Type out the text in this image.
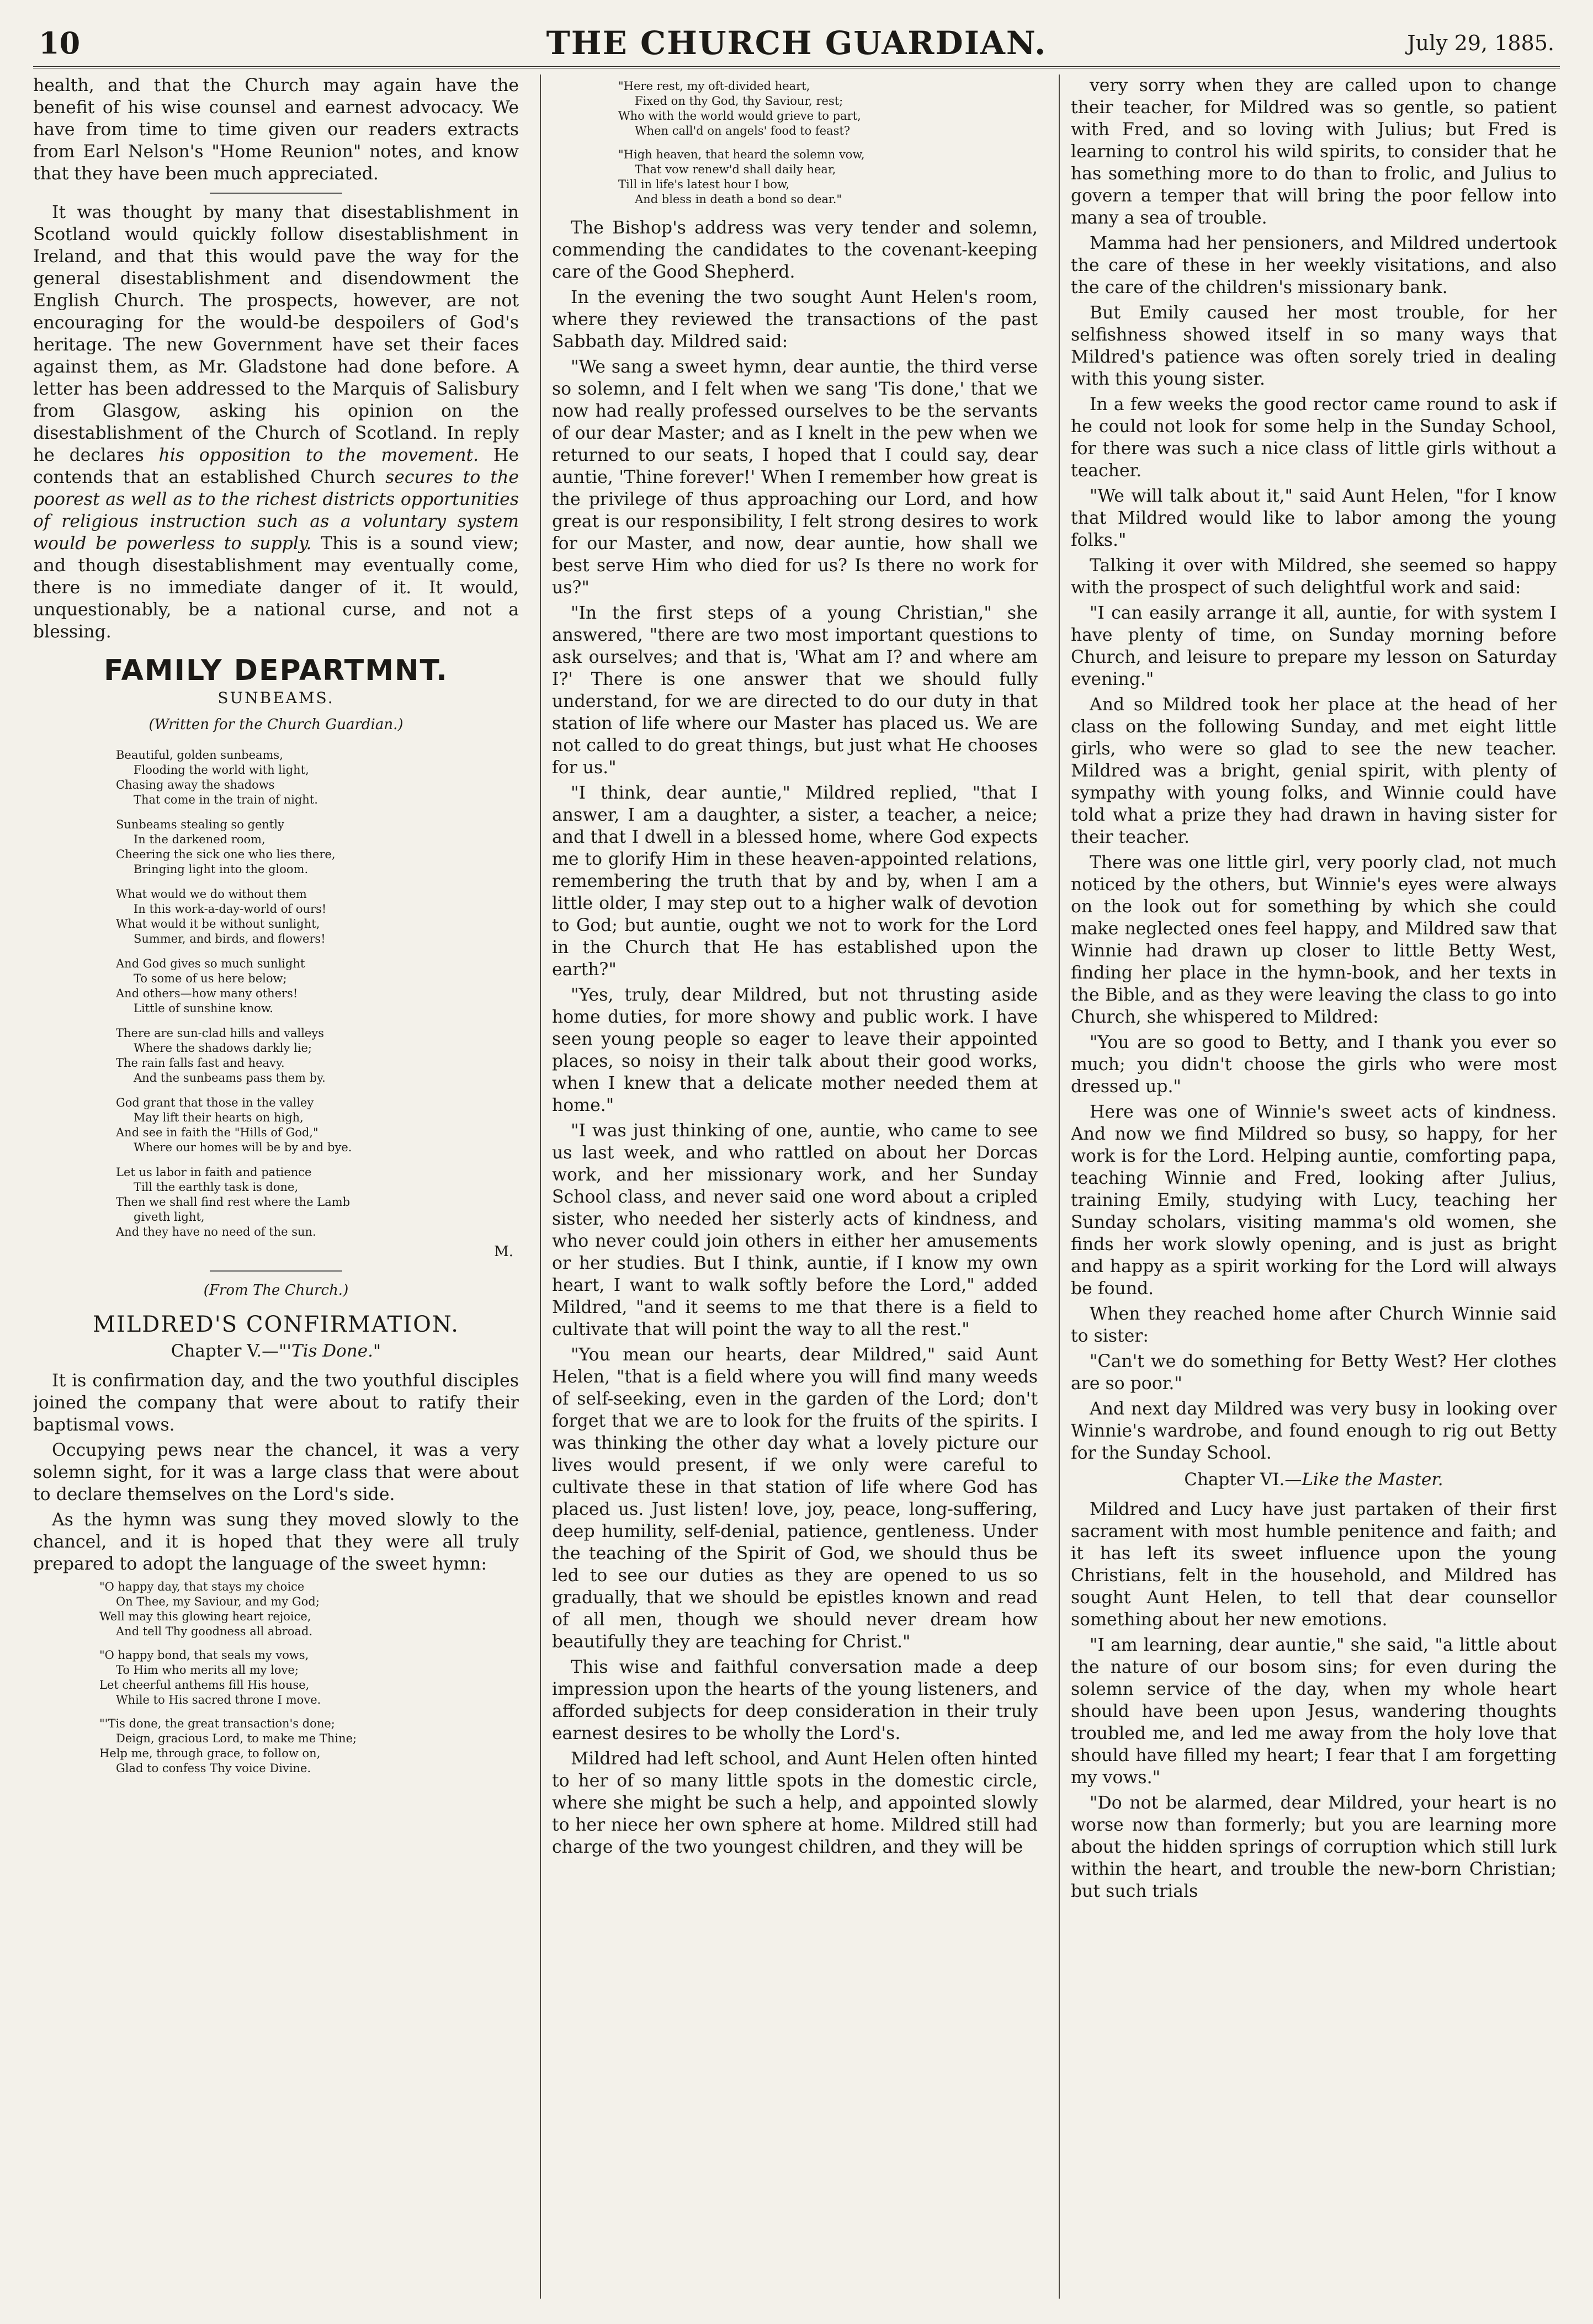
10	THE CHURCH GUARDIAN.	July 29, 1885.

health, and that the Church may again have the benefit of his wise counsel and earnest advocacy. We have from time to time given our readers extracts from Earl Nelson's "Home Reunion" notes, and know that they have been much appreciated.

It was thought by many that disestablishment in Scotland would quickly follow disestablishment in Ireland, and that this would pave the way for the general disestablishment and disendowment the English Church. The prospects, however, are not encouraging for the would-be despoilers of God's heritage. The new Government have set their faces against them, as Mr. Gladstone had done before. A letter has been addressed to the Marquis of Salisbury from Glasgow, asking his opinion on the disestablishment of the Church of Scotland. In reply he declares his opposition to the movement. He contends that an established Church secures to the poorest as well as to the richest districts opportunities of religious instruction such as a voluntary system would be powerless to supply. This is a sound view; and though disestablishment may eventually come, there is no immediate danger of it. It would, unquestionably, be a national curse, and not a blessing.

FAMILY DEPARTMNT.
SUNBEAMS.
(Written for the Church Guardian.)
Beautiful, golden sunbeams,
Flooding the world with light,
Chasing away the shadows
That come in the train of night.
Sunbeams stealing so gently
In the darkened room,
Cheering the sick one who lies there,
Bringing light into the gloom.
What would we do without them
In this work-a-day-world of ours!
What would it be without sunlight,
Summer, and birds, and flowers!
And God gives so much sunlight
To some of us here below;
And others—how many others!
Little of sunshine know.
There are sun-clad hills and valleys
Where the shadows darkly lie;
The rain falls fast and heavy.
And the sunbeams pass them by.
God grant that those in the valley
May lift their hearts on high,
And see in faith the "Hills of God,"
Where our homes will be by and bye.
Let us labor in faith and patience
Till the earthly task is done,
Then we shall find rest where the Lamb
giveth light,
And they have no need of the sun.
M.
(From The Church.)
MILDRED'S CONFIRMATION.
Chapter V.—"'Tis Done."

It is confirmation day, and the two youthful disciples joined the company that were about to ratify their baptismal vows.

Occupying pews near the chancel, it was a very solemn sight, for it was a large class that were about to declare themselves on the Lord's side.

As the hymn was sung they moved slowly to the chancel, and it is hoped that they were all truly prepared to adopt the language of the sweet hymn:

"O happy day, that stays my choice
On Thee, my Saviour, and my God;
Well may this glowing heart rejoice,
And tell Thy goodness all abroad.
"O happy bond, that seals my vows,
To Him who merits all my love;
Let cheerful anthems fill His house,
While to His sacred throne I move.
"'Tis done, the great transaction's done;
Deign, gracious Lord, to make me Thine;
Help me, through grace, to follow on,
Glad to confess Thy voice Divine.
"Here rest, my oft-divided heart,
Fixed on thy God, thy Saviour, rest;
Who with the world would grieve to part,
When call'd on angels' food to feast?
"High heaven, that heard the solemn vow,
That vow renew'd shall daily hear,
Till in life's latest hour I bow,
And bless in death a bond so dear."

The Bishop's address was very tender and solemn, commending the candidates to the covenant-keeping care of the Good Shepherd.

In the evening the two sought Aunt Helen's room, where they reviewed the transactions of the past Sabbath day. Mildred said:

"We sang a sweet hymn, dear auntie, the third verse so solemn, and I felt when we sang 'Tis done,' that we now had really professed ourselves to be the servants of our dear Master; and as I knelt in the pew when we returned to our seats, I hoped that I could say, dear auntie, 'Thine forever!' When I remember how great is the privilege of thus approaching our Lord, and how great is our responsibility, I felt strong desires to work for our Master, and now, dear auntie, how shall we best serve Him who died for us? Is there no work for us?"

"In the first steps of a young Christian," she answered, "there are two most important questions to ask ourselves; and that is, 'What am I? and where am I?' There is one answer that we should fully understand, for we are directed to do our duty in that station of life where our Master has placed us. We are not called to do great things, but just what He chooses for us."

"I think, dear auntie," Mildred replied, "that I answer, I am a daughter, a sister, a teacher, a neice; and that I dwell in a blessed home, where God expects me to glorify Him in these heaven-appointed relations, remembering the truth that by and by, when I am a little older, I may step out to a higher walk of devotion to God; but auntie, ought we not to work for the Lord in the Church that He has established upon the earth?"

"Yes, truly, dear Mildred, but not thrusting aside home duties, for more showy and public work. I have seen young people so eager to leave their appointed places, so noisy in their talk about their good works, when I knew that a delicate mother needed them at home."

"I was just thinking of one, auntie, who came to see us last week, and who rattled on about her Dorcas work, and her missionary work, and her Sunday School class, and never said one word about a cripled sister, who needed her sisterly acts of kindness, and who never could join others in either her amusements or her studies. But I think, auntie, if I know my own heart, I want to walk softly before the Lord," added Mildred, "and it seems to me that there is a field to cultivate that will point the way to all the rest."

"You mean our hearts, dear Mildred," said Aunt Helen, "that is a field where you will find many weeds of self-seeking, even in the garden of the Lord; don't forget that we are to look for the fruits of the spirits. I was thinking the other day what a lovely picture our lives would present, if we only were careful to cultivate these in that station of life where God has placed us. Just listen! love, joy, peace, long-suffering, deep humility, self-denial, patience, gentleness. Under the teaching of the Spirit of God, we should thus be led to see our duties as they are opened to us so gradually, that we should be epistles known and read of all men, though we should never dream how beautifully they are teaching for Christ."

This wise and faithful conversation made a deep impression upon the hearts of the young listeners, and afforded subjects for deep consideration in their truly earnest desires to be wholly the Lord's.

Mildred had left school, and Aunt Helen often hinted to her of so many little spots in the domestic circle, where she might be such a help, and appointed slowly to her niece her own sphere at home. Mildred still had charge of the two youngest children, and they will be

very sorry when they are called upon to change their teacher, for Mildred was so gentle, so patient with Fred, and so loving with Julius; but Fred is learning to control his wild spirits, to consider that he has something more to do than to frolic, and Julius to govern a temper that will bring the poor fellow into many a sea of trouble.

Mamma had her pensioners, and Mildred undertook the care of these in her weekly visitations, and also the care of the children's missionary bank.

But Emily caused her most trouble, for her selfishness showed itself in so many ways that Mildred's patience was often sorely tried in dealing with this young sister.

In a few weeks the good rector came round to ask if he could not look for some help in the Sunday School, for there was such a nice class of little girls without a teacher.

"We will talk about it," said Aunt Helen, "for I know that Mildred would like to labor among the young folks."

Talking it over with Mildred, she seemed so happy with the prospect of such delightful work and said:

"I can easily arrange it all, auntie, for with system I have plenty of time, on Sunday morning before Church, and leisure to prepare my lesson on Saturday evening."

And so Mildred took her place at the head of her class on the following Sunday, and met eight little girls, who were so glad to see the new teacher. Mildred was a bright, genial spirit, with plenty of sympathy with young folks, and Winnie could have told what a prize they had drawn in having sister for their teacher.

There was one little girl, very poorly clad, not much noticed by the others, but Winnie's eyes were always on the look out for something by which she could make neglected ones feel happy, and Mildred saw that Winnie had drawn up closer to little Betty West, finding her place in the hymn-book, and her texts in the Bible, and as they were leaving the class to go into Church, she whispered to Mildred:

"You are so good to Betty, and I thank you ever so much; you didn't choose the girls who were most dressed up."

Here was one of Winnie's sweet acts of kindness. And now we find Mildred so busy, so happy, for her work is for the Lord. Helping auntie, comforting papa, teaching Winnie and Fred, looking after Julius, training Emily, studying with Lucy, teaching her Sunday scholars, visiting mamma's old women, she finds her work slowly opening, and is just as bright and happy as a spirit working for the Lord will always be found.

When they reached home after Church Winnie said to sister:

"Can't we do something for Betty West? Her clothes are so poor."

And next day Mildred was very busy in looking over Winnie's wardrobe, and found enough to rig out Betty for the Sunday School.

Chapter VI.—Like the Master.

Mildred and Lucy have just partaken of their first sacrament with most humble penitence and faith; and it has left its sweet influence upon the young Christians, felt in the household, and Mildred has sought Aunt Helen, to tell that dear counsellor something about her new emotions.

"I am learning, dear auntie," she said, "a little about the nature of our bosom sins; for even during the solemn service of the day, when my whole heart should have been upon Jesus, wandering thoughts troubled me, and led me away from the holy love that should have filled my heart; I fear that I am forgetting my vows."

"Do not be alarmed, dear Mildred, your heart is no worse now than formerly; but you are learning more about the hidden springs of corruption which still lurk within the heart, and trouble the new-born Christian; but such trials
